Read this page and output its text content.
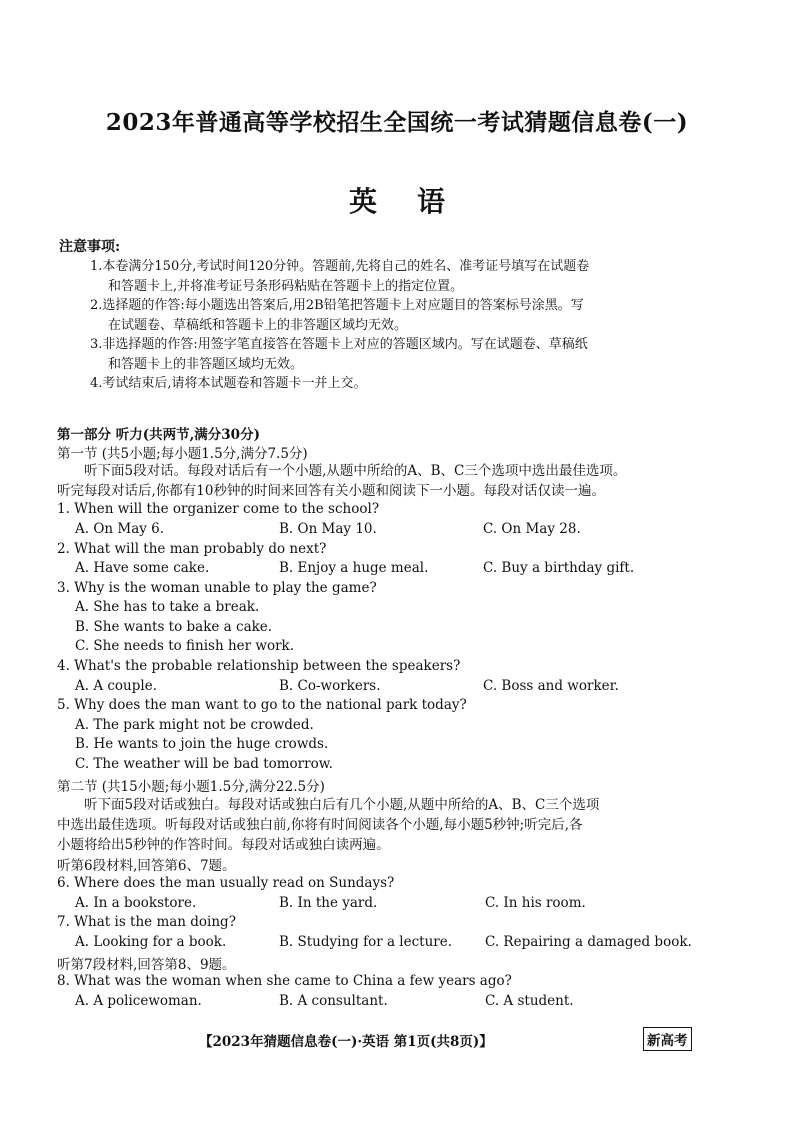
2023年普通高等学校招生全国统一考试猜题信息卷(一)
英语
注意事项:
1.本卷满分150分,考试时间120分钟。答题前,先将自己的姓名、准考证号填写在试题卷
和答题卡上,并将准考证号条形码粘贴在答题卡上的指定位置。
2.选择题的作答:每小题选出答案后,用2B铅笔把答题卡上对应题目的答案标号涂黑。写
在试题卷、草稿纸和答题卡上的非答题区域均无效。
3.非选择题的作答:用签字笔直接答在答题卡上对应的答题区域内。写在试题卷、草稿纸
和答题卡上的非答题区域均无效。
4.考试结束后,请将本试题卷和答题卡一并上交。
第一部分 听力(共两节,满分30分)
第一节 (共5小题;每小题1.5分,满分7.5分)
听下面5段对话。每段对话后有一个小题,从题中所给的A、B、C三个选项中选出最佳选项。
听完每段对话后,你都有10秒钟的时间来回答有关小题和阅读下一小题。每段对话仅读一遍。
1. When will the organizer come to the school?
A. On May 6.	B. On May 10.	C. On May 28.
2. What will the man probably do next?
A. Have some cake.	B. Enjoy a huge meal.	C. Buy a birthday gift.
3. Why is the woman unable to play the game?
A. She has to take a break.
B. She wants to bake a cake.
C. She needs to finish her work.
4. What's the probable relationship between the speakers?
A. A couple.	B. Co-workers.	C. Boss and worker.
5. Why does the man want to go to the national park today?
A. The park might not be crowded.
B. He wants to join the huge crowds.
C. The weather will be bad tomorrow.
第二节 (共15小题;每小题1.5分,满分22.5分)
听下面5段对话或独白。每段对话或独白后有几个小题,从题中所给的A、B、C三个选项
中选出最佳选项。听每段对话或独白前,你将有时间阅读各个小题,每小题5秒钟;听完后,各
小题将给出5秒钟的作答时间。每段对话或独白读两遍。
听第6段材料,回答第6、7题。
6. Where does the man usually read on Sundays?
A. In a bookstore.	B. In the yard.	C. In his room.
7. What is the man doing?
A. Looking for a book.	B. Studying for a lecture. C. Repairing a damaged book.
听第7段材料,回答第8、9题。
8. What was the woman when she came to China a few years ago?
A. A policewoman.	B. A consultant.	C. A student.
【2023年猜题信息卷(一)·英语 第1页(共8页)】	新高考
